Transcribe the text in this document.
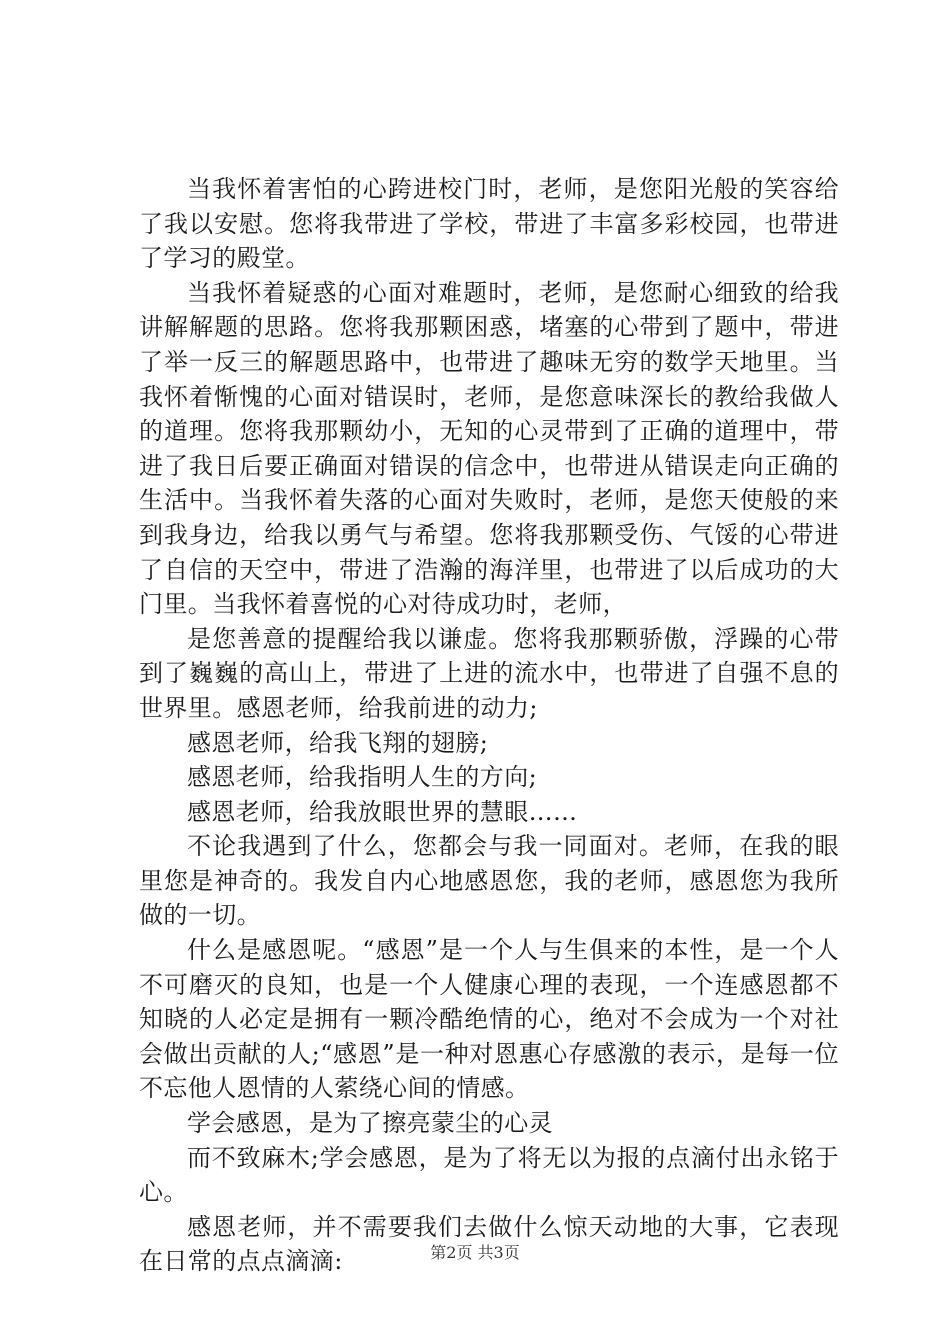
当我怀着害怕的心跨进校门时，老师，是您阳光般的笑容给了我以安慰。您将我带进了学校，带进了丰富多彩校园，也带进了学习的殿堂。

当我怀着疑惑的心面对难题时，老师，是您耐心细致的给我讲解解题的思路。您将我那颗困惑，堵塞的心带到了题中，带进了举一反三的解题思路中，也带进了趣味无穷的数学天地里。当我怀着惭愧的心面对错误时，老师，是您意味深长的教给我做人的道理。您将我那颗幼小，无知的心灵带到了正确的道理中，带进了我日后要正确面对错误的信念中，也带进从错误走向正确的生活中。当我怀着失落的心面对失败时，老师，是您天使般的来到我身边，给我以勇气与希望。您将我那颗受伤、气馁的心带进了自信的天空中，带进了浩瀚的海洋里，也带进了以后成功的大门里。当我怀着喜悦的心对待成功时，老师，

是您善意的提醒给我以谦虚。您将我那颗骄傲，浮躁的心带到了巍巍的高山上，带进了上进的流水中，也带进了自强不息的世界里。感恩老师，给我前进的动力;

感恩老师，给我飞翔的翅膀;

感恩老师，给我指明人生的方向;

感恩老师，给我放眼世界的慧眼……

不论我遇到了什么，您都会与我一同面对。老师，在我的眼里您是神奇的。我发自内心地感恩您，我的老师，感恩您为我所做的一切。

什么是感恩呢。“感恩”是一个人与生俱来的本性，是一个人不可磨灭的良知，也是一个人健康心理的表现，一个连感恩都不知晓的人必定是拥有一颗冷酷绝情的心，绝对不会成为一个对社会做出贡献的人;“感恩”是一种对恩惠心存感激的表示，是每一位不忘他人恩情的人萦绕心间的情感。

学会感恩，是为了擦亮蒙尘的心灵

而不致麻木;学会感恩，是为了将无以为报的点滴付出永铭于心。

感恩老师，并不需要我们去做什么惊天动地的大事，它表现在日常的点点滴滴:	第2页 共3页
